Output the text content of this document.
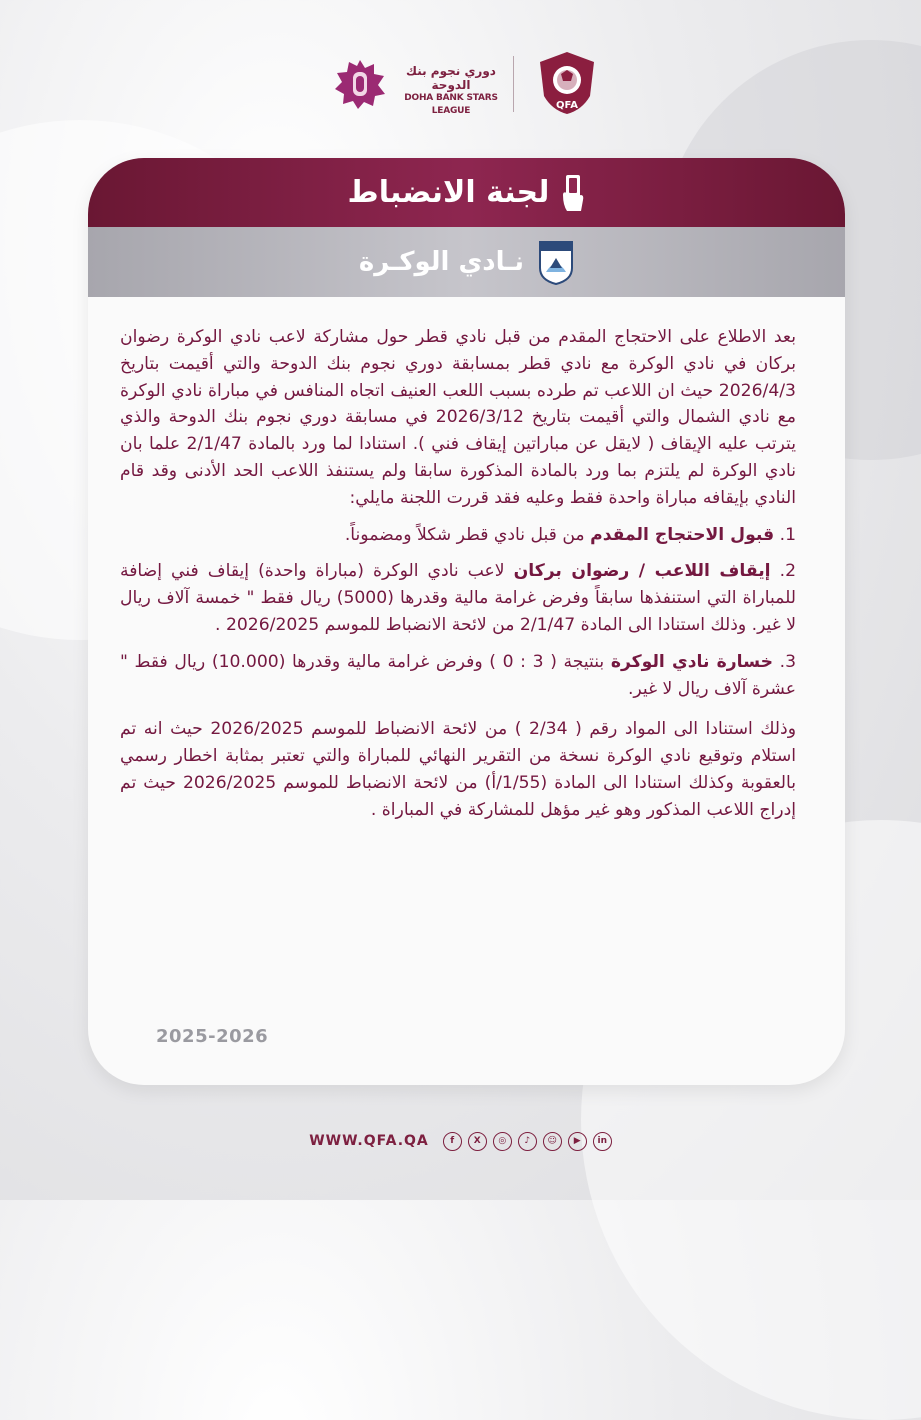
دوري نجوم بنك الدوحة
DOHA BANK STARS LEAGUE	QFA
لجنة الانضباط
نـادي الوكـرة

بعد الاطلاع على الاحتجاج المقدم من قبل نادي قطر حول مشاركة لاعب نادي الوكرة رضوان بركان في نادي الوكرة مع نادي قطر بمسابقة دوري نجوم بنك الدوحة والتي أقيمت بتاريخ 2026/4/3 حيث ان اللاعب تم طرده بسبب اللعب العنيف اتجاه المنافس في مباراة نادي الوكرة مع نادي الشمال والتي أقيمت بتاريخ 2026/3/12 في مسابقة دوري نجوم بنك الدوحة والذي يترتب عليه الإيقاف ( لايقل عن مباراتين إيقاف فني ). استنادا لما ورد بالمادة 2/1/47 علما بان نادي الوكرة لم يلتزم بما ورد بالمادة المذكورة سابقا ولم يستنفذ اللاعب الحد الأدنى وقد قام النادي بإيقافه مباراة واحدة فقط وعليه فقد قررت اللجنة مايلي:

1. قبول الاحتجاج المقدم من قبل نادي قطر شكلاً ومضموناً.

2. إيقاف اللاعب / رضوان بركان لاعب نادي الوكرة (مباراة واحدة) إيقاف فني إضافة للمباراة التي استنفذها سابقاً وفرض غرامة مالية وقدرها (5000) ريال فقط " خمسة آلاف ريال لا غير. وذلك استنادا الى المادة 2/1/47 من لائحة الانضباط للموسم 2026/2025 .

3. خسارة نادي الوكرة بنتيجة ( 3 : 0 ) وفرض غرامة مالية وقدرها (10.000) ريال فقط " عشرة آلاف ريال لا غير.

وذلك استنادا الى المواد رقم ( 2/34 ) من لائحة الانضباط للموسم 2026/2025 حيث انه تم استلام وتوقيع نادي الوكرة نسخة من التقرير النهائي للمباراة والتي تعتبر بمثابة اخطار رسمي بالعقوبة وكذلك استنادا الى المادة (1/55/أ) من لائحة الانضباط للموسم 2026/2025 حيث تم إدراج اللاعب المذكور وهو غير مؤهل للمشاركة في المباراة .

2025-2026
WWW.QFA.QA	f	X	◎	♪	☺	▶	in
